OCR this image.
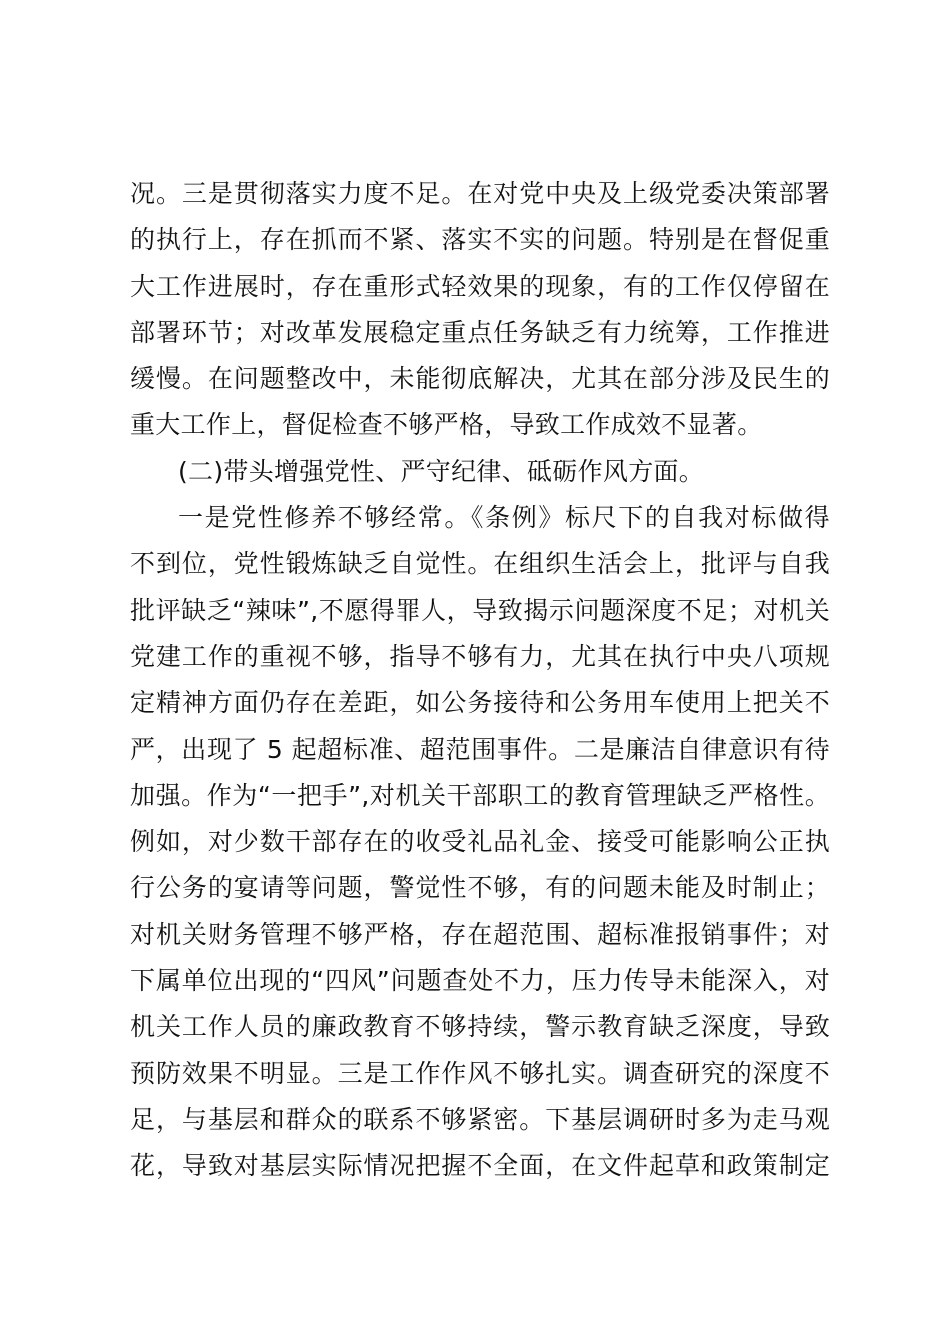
况。三是贯彻落实力度不足。在对党中央及上级党委决策部署
的执行上，存在抓而不紧、落实不实的问题。特别是在督促重
大工作进展时，存在重形式轻效果的现象，有的工作仅停留在
部署环节；对改革发展稳定重点任务缺乏有力统筹，工作推进
缓慢。在问题整改中，未能彻底解决，尤其在部分涉及民生的
重大工作上，督促检查不够严格，导致工作成效不显著。
(二)带头增强党性、严守纪律、砥砺作风方面。
一是党性修养不够经常。《条例》标尺下的自我对标做得
不到位，党性锻炼缺乏自觉性。在组织生活会上，批评与自我
批评缺乏“辣味”,不愿得罪人，导致揭示问题深度不足；对机关
党建工作的重视不够，指导不够有力，尤其在执行中央八项规
定精神方面仍存在差距，如公务接待和公务用车使用上把关不
严，出现了 5 起超标准、超范围事件。二是廉洁自律意识有待
加强。作为“一把手”,对机关干部职工的教育管理缺乏严格性。
例如，对少数干部存在的收受礼品礼金、接受可能影响公正执
行公务的宴请等问题，警觉性不够，有的问题未能及时制止；
对机关财务管理不够严格，存在超范围、超标准报销事件；对
下属单位出现的“四风”问题查处不力，压力传导未能深入，对
机关工作人员的廉政教育不够持续，警示教育缺乏深度，导致
预防效果不明显。三是工作作风不够扎实。调查研究的深度不
足，与基层和群众的联系不够紧密。下基层调研时多为走马观
花，导致对基层实际情况把握不全面，在文件起草和政策制定
